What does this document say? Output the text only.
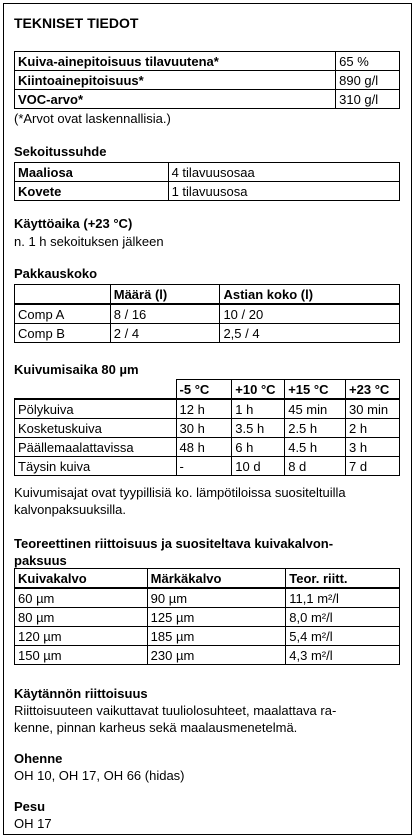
TEKNISET TIEDOT
Kuiva-ainepitoisuus tilavuutena*	65 %
Kiintoainepitoisuus*	890 g/l
VOC-arvo*	310 g/l
(*Arvot ovat laskennallisia.)
Sekoitussuhde
Maaliosa	4 tilavuusosaa
Kovete	1 tilavuusosa
Käyttöaika (+23 °C)
n. 1 h sekoituksen jälkeen
Pakkauskoko
	Määrä (l)	Astian koko (l)
Comp A	8 / 16	10 / 20
Comp B	2 / 4	2,5 / 4
Kuivumisaika 80 µm
	-5 °C	+10 °C	+15 °C	+23 °C
Pölykuiva	12 h	1 h	45 min	30 min
Kosketuskuiva	30 h	3.5 h	2.5 h	2 h
Päällemaalattavissa	48 h	6 h	4.5 h	3 h
Täysin kuiva	-	10 d	8 d	7 d
Kuivumisajat ovat tyypillisiä ko. lämpötiloissa suositeltuilla
kalvonpaksuuksilla.
Teoreettinen riittoisuus ja suositeltava kuivakalvon-
paksuus
Kuivakalvo	Märkäkalvo	Teor. riitt.
60 µm	90 µm	11,1 m²/l
80 µm	125 µm	8,0 m²/l
120 µm	185 µm	5,4 m²/l
150 µm	230 µm	4,3 m²/l
Käytännön riittoisuus
Riittoisuuteen vaikuttavat tuuliolosuhteet, maalattava ra-
kenne, pinnan karheus sekä maalausmenetelmä.
Ohenne
OH 10, OH 17, OH 66 (hidas)
Pesu
OH 17
